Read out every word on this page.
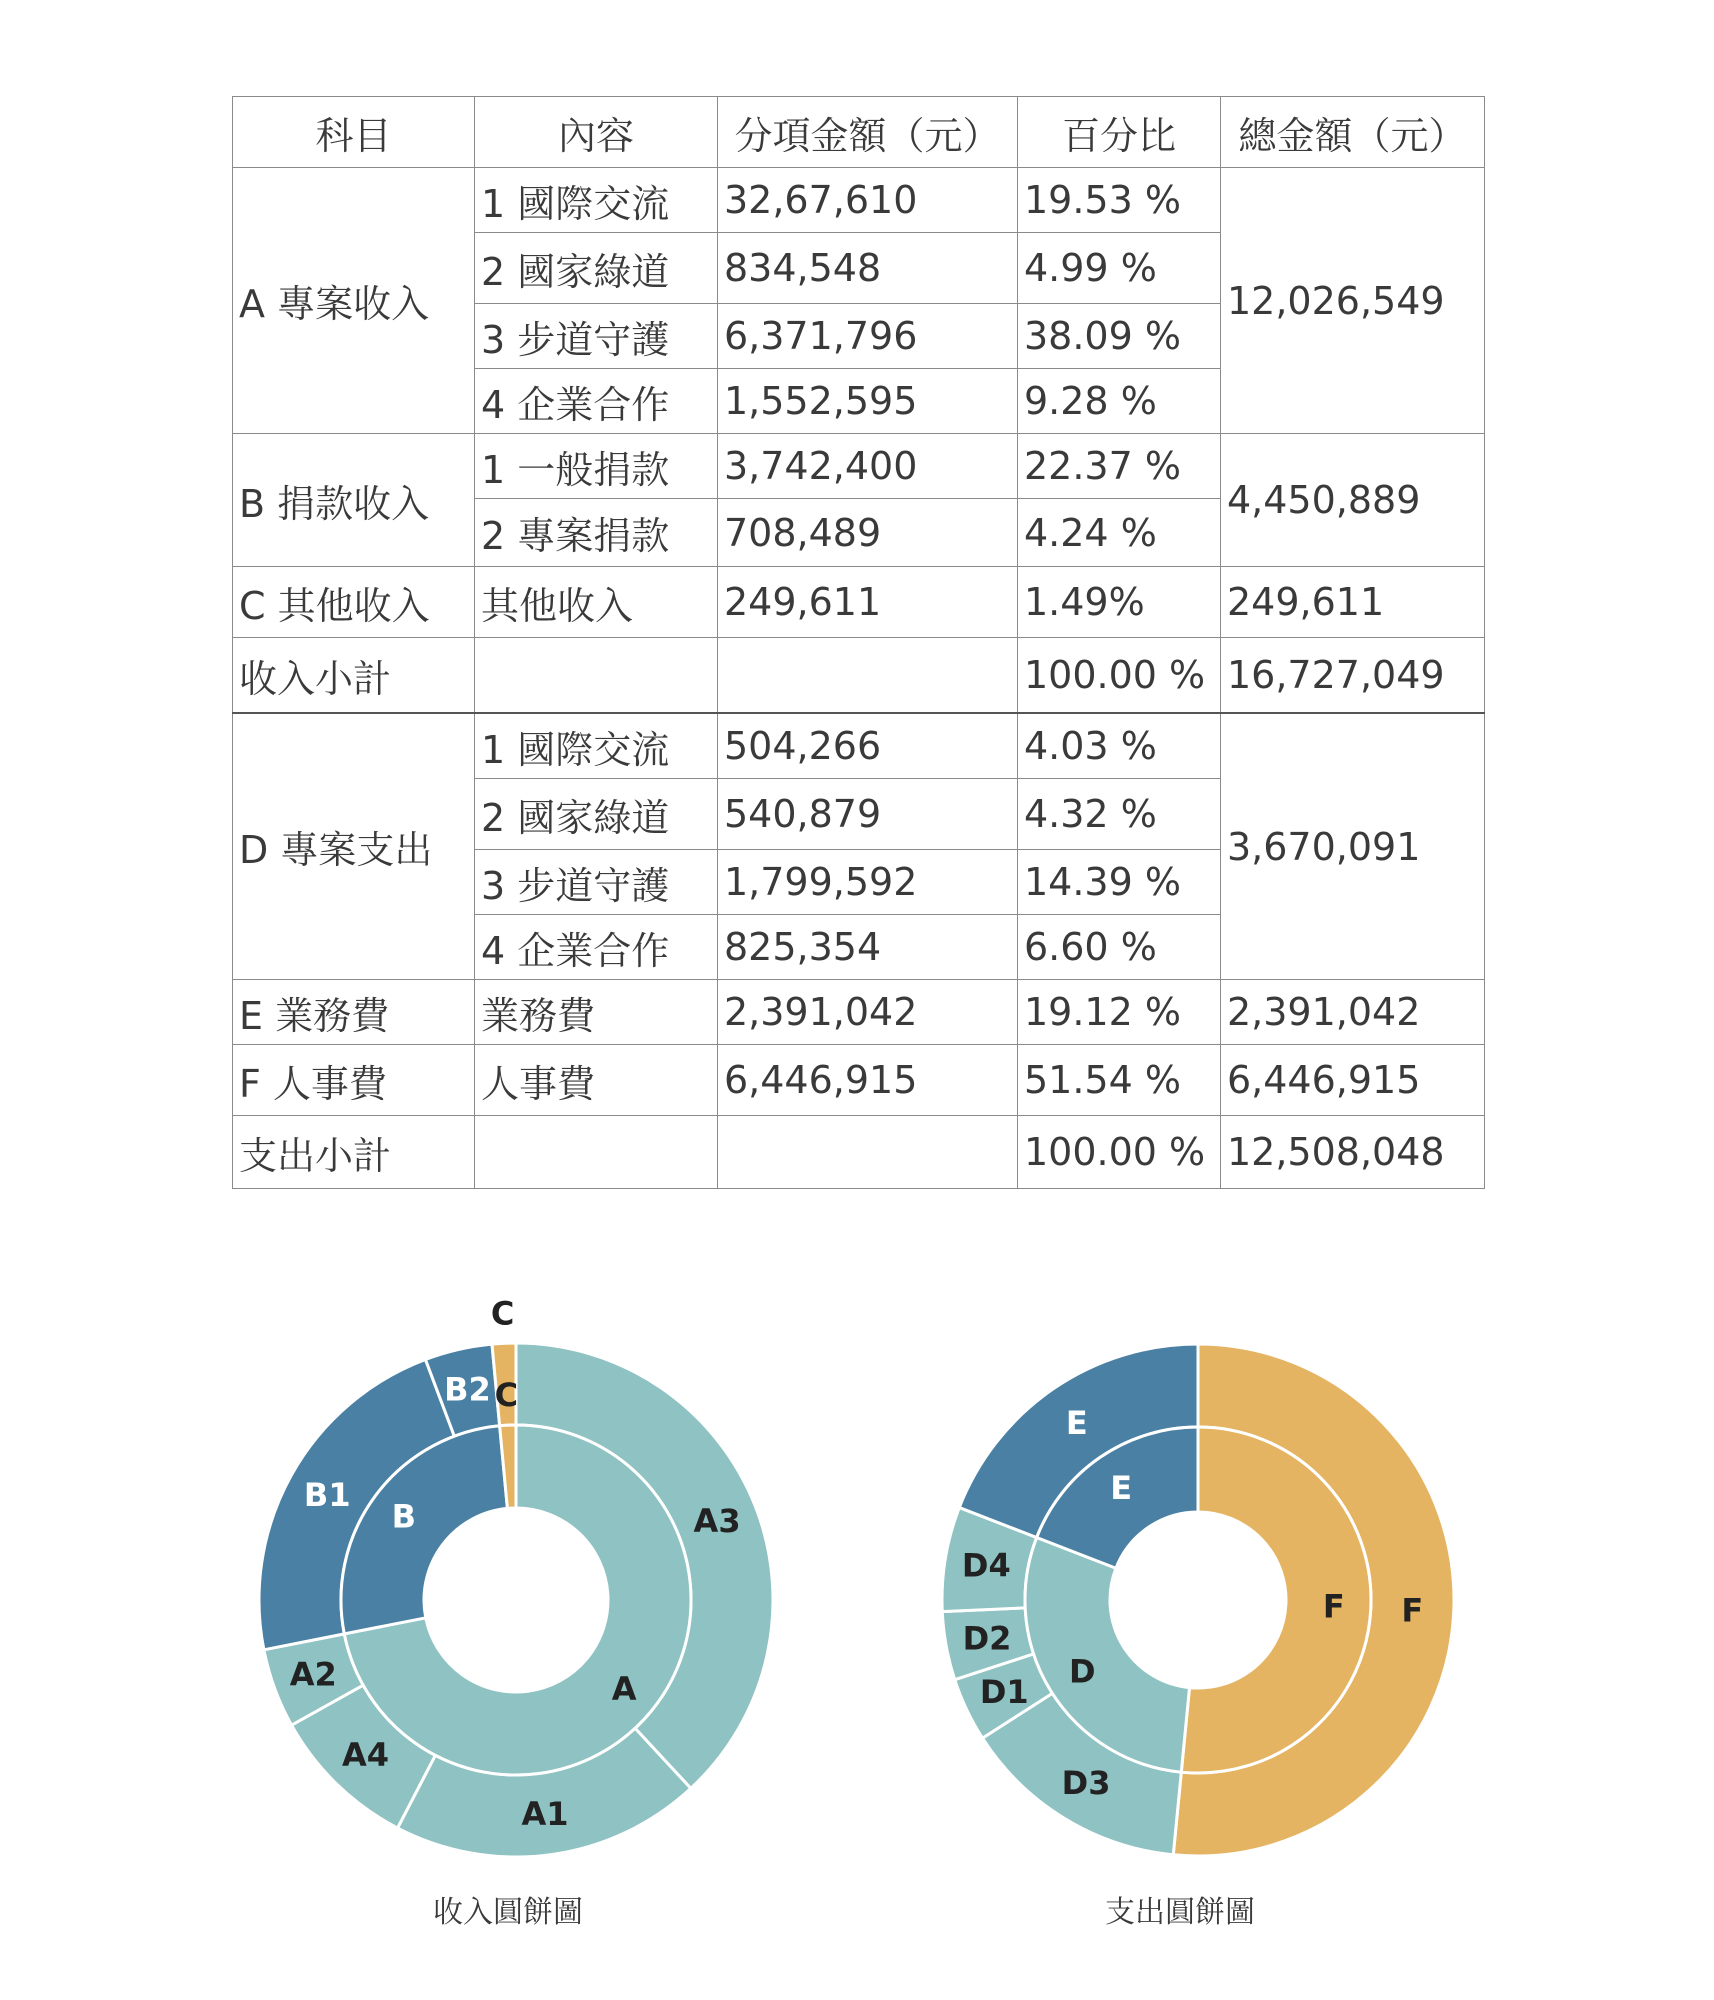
科目	內容	分項金額（元）	百分比	總金額（元）
A 專案收入	1 國際交流	32,67,610	19.53 %	12,026,549
	2 國家綠道	834,548	4.99 %	
	3 步道守護	6,371,796	38.09 %	
	4 企業合作	1,552,595	9.28 %	
B 捐款收入	1 一般捐款	3,742,400	22.37 %	4,450,889
	2 專案捐款	708,489	4.24 %	
C 其他收入	其他收入	249,611	1.49%	249,611
收入小計			100.00 %	16,727,049
D 專案支出	1 國際交流	504,266	4.03 %	3,670,091
	2 國家綠道	540,879	4.32 %	
	3 步道守護	1,799,592	14.39 %	
	4 企業合作	825,354	6.60 %	
E 業務費	業務費	2,391,042	19.12 %	2,391,042
F 人事費	人事費	6,446,915	51.54 %	6,446,915
支出小計			100.00 %	12,508,048
A3
A1
A4
A2
B1
B2
C
A
B
C
F
D3
D1
D2
D4
E
F
D
E
收入圓餅圖	支出圓餅圖
